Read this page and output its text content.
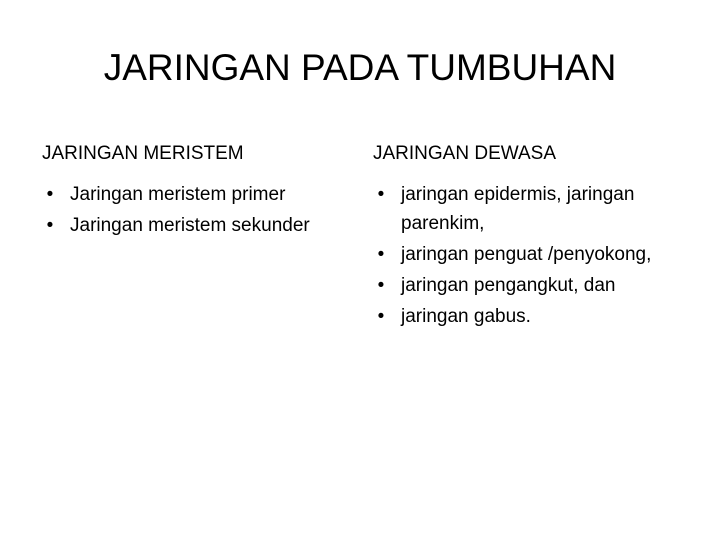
JARINGAN PADA TUMBUHAN
JARINGAN MERISTEM
• Jaringan meristem primer
• Jaringan meristem sekunder
JARINGAN DEWASA
• jaringan epidermis, jaringan parenkim,
• jaringan penguat /penyokong,
• jaringan pengangkut, dan
• jaringan gabus.
